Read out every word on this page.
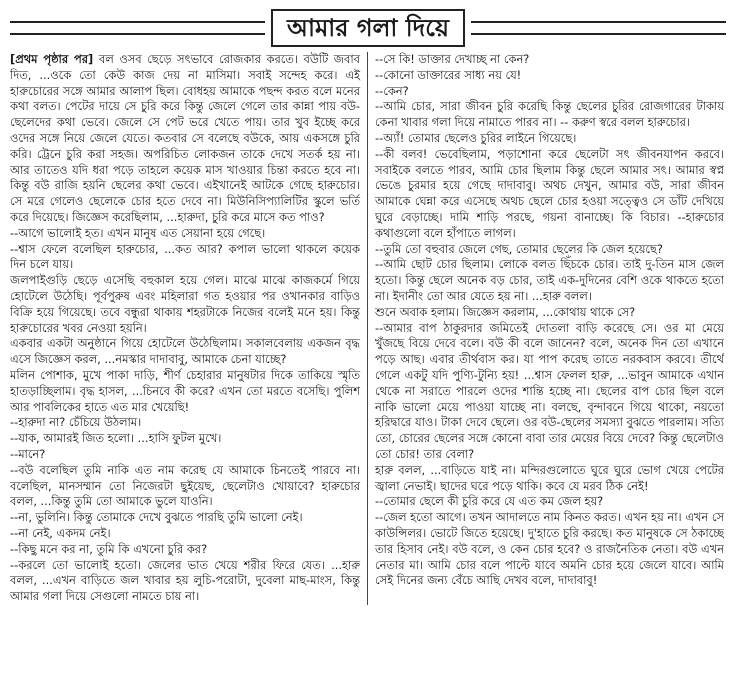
আমার গলা দিয়ে

[প্রথম পৃষ্ঠার পর] বল ওসব ছেড়ে সৎভাবে রোজকার করতে। বউটি জবাব দিত, ...ওকে তো কেউ কাজ দেয় না মাসিমা। সবাই সন্দেহ করে। এই হারুচোরের সঙ্গে আমার আলাপ ছিল। বোধহয় আমাকে পছন্দ করত বলে মনের কথা বলত। পেটের দায়ে সে চুরি করে কিন্তু জেলে গেলে তার কান্না পায় বউ-ছেলেদের কথা ভেবে। জেলে সে পেট ভরে খেতে পায়। তার খুব ইচ্ছে করে ওদের সঙ্গে নিয়ে জেলে যেতে। কতবার সে বলেছে বউকে, আয় একসঙ্গে চুরি করি। ট্রেনে চুরি করা সহজ। অপরিচিত লোকজন তাকে দেখে সতর্ক হয় না। আর তাতেও যদি ধরা পড়ে তাহলে কয়েক মাস খাওয়ার চিন্তা করতে হবে না। কিন্তু বউ রাজি হয়নি ছেলের কথা ভেবে। এইখানেই আটকে গেছে হারুচোর। সে মরে গেলেও ছেলেকে চোর হতে দেবে না। মিউনিসিপ্যালিটির স্কুলে ভর্তি করে দিয়েছে। জিজ্ঞেস করেছিলাম, ...হারুদা, চুরি করে মাসে কত পাও?

--আগে ভালোই হত। এখন মানুষ এত সেয়ানা হয়ে গেছে।

--শ্বাস ফেলে বলেছিল হারুচোর, ...কত আর? কপাল ভালো থাকলে কয়েক দিন চলে যায়।

জলপাইগুড়ি ছেড়ে এসেছি বহুকাল হয়ে গেল। মাঝে মাঝে কাজকর্মে গিয়ে হোটেলে উঠেছি। পূর্বপুরুষ এবং মহিলারা গত হওয়ার পর ওখানকার বাড়িও বিক্রি হয়ে গিয়েছে। তবে বন্ধুরা থাকায় শহরটাকে নিজের বলেই মনে হয়। কিন্তু হারুচোরের খবর নেওয়া হয়নি।

একবার একটা অনুষ্ঠানে গিয়ে হোটেলে উঠেছিলাম। সকালবেলায় একজন বৃদ্ধ এসে জিজ্ঞেস করল, ...নমস্কার দাদাবাবু, আমাকে চেনা যাচ্ছে?

মলিন পোশাক, মুখে পাকা দাড়ি, শীর্ণ চেহারার মানুষটার দিকে তাকিয়ে স্মৃতি হাতড়াচ্ছিলাম। বৃদ্ধ হাসল, ...চিনবে কী করে? এখন তো মরতে বসেছি। পুলিশ আর পাবলিকের হাতে এত মার খেয়েছি!

--হারুদা না? চেঁচিয়ে উঠলাম।

--যাক, আমারই জিত হলো। ...হাসি ফুটল মুখে।

--মানে?

--বউ বলেছিল তুমি নাকি এত নাম করেছ যে আমাকে চিনতেই পারবে না। বলেছিল, মানসম্মান তো নিজেরটা ছুইয়েছ, ছেলেটাও খোয়াবে? হারুচোর বলল, ...কিন্তু তুমি তো আমাকে ভুলে যাওনি।

--না, ভুলিনি। কিন্তু তোমাকে দেখে বুঝতে পারছি তুমি ভালো নেই।

--না নেই, একদম নেই।

--কিছু মনে কর না, তুমি কি এখনো চুরি কর?

--করলে তো ভালোই হতো। জেলের ভাত খেয়ে শরীর ফিরে যেত। ...হারু বলল, ...এখন বাড়িতে জল খাবার হয় লুচি-পরোটা, দুবেলা মাছ-মাংস, কিন্তু আমার গলা দিয়ে সেগুলো নামতে চায় না।

--সে কি! ডাক্তার দেখাচ্ছ না কেন?

--কোনো ডাক্তারের সাধ্য নয় যে!

--কেন?

--আমি চোর, সারা জীবন চুরি করেছি কিন্তু ছেলের চুরির রোজগারের টাকায় কেনা খাবার গলা দিয়ে নামাতে পারব না। -- করুণ স্বরে বলল হারুচোর।

--অ্যাঁ! তোমার ছেলেও চুরির লাইনে গিয়েছে।

--কী বলব! ভেবেছিলাম, পড়াশোনা করে ছেলেটা সৎ জীবনযাপন করবে। সবাইকে বলতে পারব, আমি চোর ছিলাম কিন্তু ছেলে আমার সৎ। আমার স্বপ্ন ভেঙে চুরমার হয়ে গেছে দাদাবাবু। অথচ দেখুন, আমার বউ, সারা জীবন আমাকে ঘেন্না করে এসেছে অথচ ছেলে চোর হওয়া সত্ত্বেও সে ডাঁট দেখিয়ে ঘুরে বেড়াচ্ছে। দামি শাড়ি পরছে, গয়না বানাচ্ছে। কি বিচার। --হারুচোর কথাগুলো বলে হাঁপাতে লাগল।

--তুমি তো বহুবার জেলে গেছ, তোমার ছেলের কি জেল হয়েছে?

--আমি ছোট চোর ছিলাম। লোকে বলত ছিঁচকে চোর। তাই দু-তিন মাস জেল হতো। কিন্তু ছেলে অনেক বড় চোর, তাই এক-দুদিনের বেশি ওকে থাকতে হতো না। ইদানীং তো আর যেতে হয় না। ...হারু বলল।

শুনে অবাক হলাম। জিজ্ঞেস করলাম, ...কোথায় থাকে সে?

--আমার বাপ ঠাকুরদার জমিতেই দোতলা বাড়ি করেছে সে। ওর মা মেয়ে খুঁজছে বিয়ে দেবে বলে। বউ কী বলে জানেন? বলে, অনেক দিন তো এখানে পড়ে আছ। এবার তীর্থবাস কর। যা পাপ করেছ তাতে নরকবাস করবে। তীর্থে গেলে একটু যদি পুণ্যি-টুন্যি হয়! ...শ্বাস ফেলল হারু, ...ভাবুন আমাকে এখান থেকে না সরাতে পারলে ওদের শান্তি হচ্ছে না। ছেলের বাপ চোর ছিল বলে নাকি ভালো মেয়ে পাওয়া যাচ্ছে না। বলছে, বৃন্দাবনে গিয়ে থাকো, নয়তো হরিদ্বারে যাও। টাকা দেবে ছেলে। ওর বউ-ছেলের সমস্যা বুঝতে পারলাম। সত্যি তো, চোরের ছেলের সঙ্গে কোনো বাবা তার মেয়ের বিয়ে দেবে? কিন্তু ছেলেটাও তো চোর! তার বেলা?

হারু বলল, ...বাড়িতে যাই না। মন্দিরগুলোতে ঘুরে ঘুরে ভোগ খেয়ে পেটের জ্বালা নেভাই। ছাদের ঘরে পড়ে থাকি। কবে যে মরব ঠিক নেই!

--তোমার ছেলে কী চুরি করে যে এত কম জেল হয়?

--জেল হতো আগে। তখন আদালতে নাম কিনত করত। এখন হয় না। এখন সে কাউন্সিলর। ভোটে জিতে হয়েছে। দু'হাতে চুরি করছে। কত মানুষকে সে ঠকাচ্ছে তার হিসাব নেই। বউ বলে, ও কেন চোর হবে? ও রাজনৈতিক নেতা। বউ এখন নেতার মা। আমি চোর বলে পাল্টে যাবে অমনি চোর হয়ে জেলে যাবে। আমি সেই দিনের জন্য বেঁচে আছি দেখব বলে, দাদাবাবু!
